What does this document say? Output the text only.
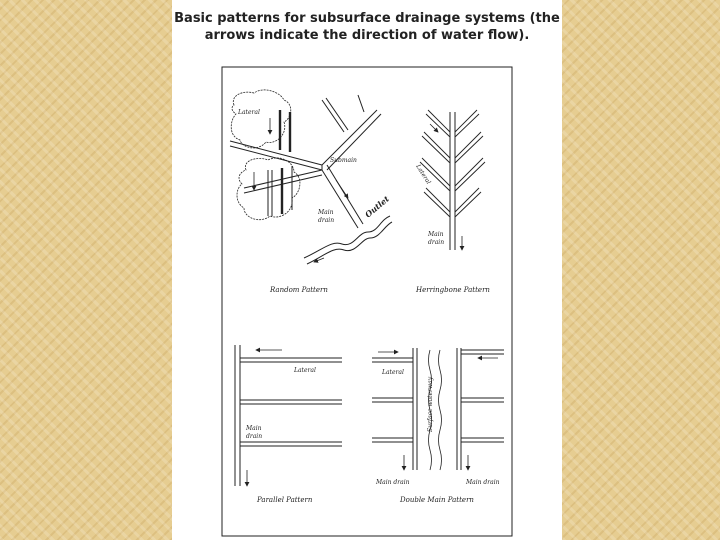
Basic patterns for subsurface drainage systems (the
arrows indicate the direction of water flow).
Lateral
Submain
Main
drain
Outlet
Random Pattern
Lateral
Main
drain
Herringbone Pattern
Lateral
Main
drain
Parallel Pattern
Lateral
Surface waterway
Main drain	Main drain
Double Main Pattern
